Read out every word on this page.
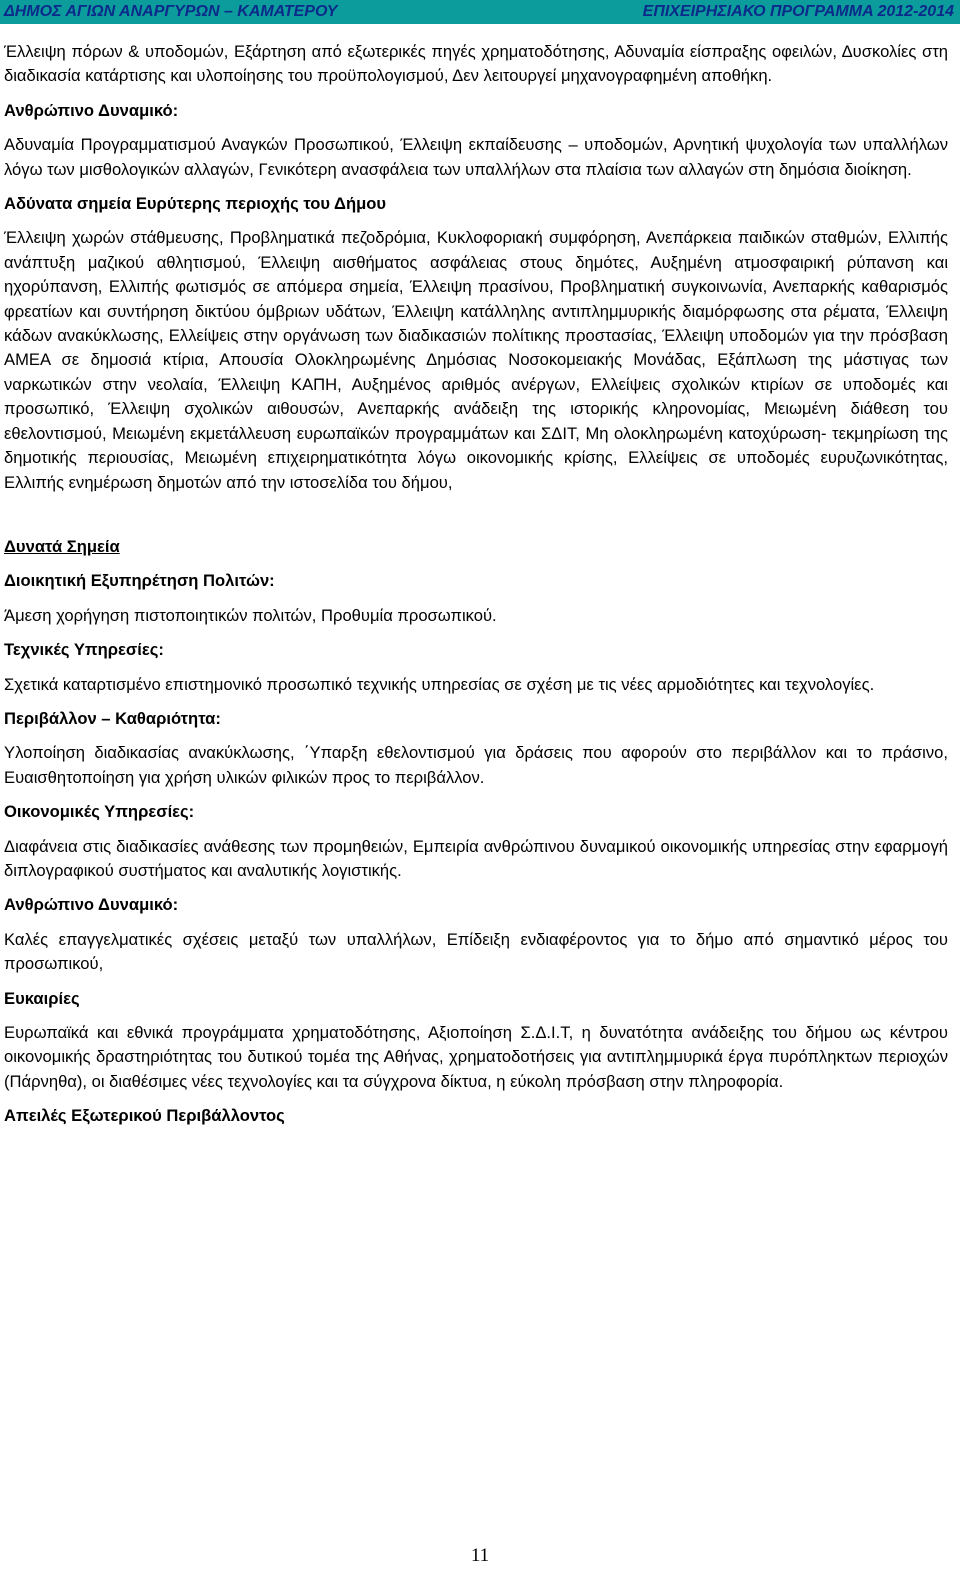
ΔΗΜΟΣ ΑΓΙΩΝ ΑΝΑΡΓΥΡΩΝ – ΚΑΜΑΤΕΡΟΥ	ΕΠΙΧΕΙΡΗΣΙΑΚΟ ΠΡΟΓΡΑΜΜΑ 2012-2014

Έλλειψη πόρων & υποδομών, Εξάρτηση από εξωτερικές πηγές χρηματοδότησης, Αδυναμία είσπραξης οφειλών, Δυσκολίες στη διαδικασία κατάρτισης και υλοποίησης του προϋπολογισμού, Δεν λειτουργεί μηχανογραφημένη αποθήκη.

Ανθρώπινο Δυναμικό:

Αδυναμία Προγραμματισμού Αναγκών Προσωπικού, Έλλειψη εκπαίδευσης – υποδομών, Αρνητική ψυχολογία των υπαλλήλων λόγω των μισθολογικών αλλαγών, Γενικότερη ανασφάλεια των υπαλλήλων στα πλαίσια των αλλαγών στη δημόσια διοίκηση.

Αδύνατα σημεία Ευρύτερης περιοχής του Δήμου

Έλλειψη χωρών στάθμευσης, Προβληματικά πεζοδρόμια, Κυκλοφοριακή συμφόρηση, Ανεπάρκεια παιδικών σταθμών, Ελλιπής ανάπτυξη μαζικού αθλητισμού, Έλλειψη αισθήματος ασφάλειας στους δημότες, Αυξημένη ατμοσφαιρική ρύπανση και ηχορύπανση, Ελλιπής φωτισμός σε απόμερα σημεία, Έλλειψη πρασίνου, Προβληματική συγκοινωνία, Ανεπαρκής καθαρισμός φρεατίων και συντήρηση δικτύου όμβριων υδάτων, Έλλειψη κατάλληλης αντιπλημμυρικής διαμόρφωσης στα ρέματα, Έλλειψη κάδων ανακύκλωσης, Ελλείψεις στην οργάνωση των διαδικασιών πολίτικης προστασίας, Έλλειψη υποδομών για την πρόσβαση ΑΜΕΑ σε δημοσιά κτίρια, Απουσία Ολοκληρωμένης Δημόσιας Νοσοκομειακής Μονάδας, Εξάπλωση της μάστιγας των ναρκωτικών στην νεολαία, Έλλειψη ΚΑΠΗ, Αυξημένος αριθμός ανέργων, Ελλείψεις σχολικών κτιρίων σε υποδομές και προσωπικό, Έλλειψη σχολικών αιθουσών, Ανεπαρκής ανάδειξη της ιστορικής κληρονομίας, Μειωμένη διάθεση του εθελοντισμού, Μειωμένη εκμετάλλευση ευρωπαϊκών προγραμμάτων και ΣΔΙΤ, Μη ολοκληρωμένη κατοχύρωση- τεκμηρίωση της δημοτικής περιουσίας, Μειωμένη επιχειρηματικότητα λόγω οικονομικής κρίσης, Ελλείψεις σε υποδομές ευρυζωνικότητας, Ελλιπής ενημέρωση δημοτών από την ιστοσελίδα του δήμου,

Δυνατά Σημεία

Διοικητική Εξυπηρέτηση Πολιτών:

Άμεση χορήγηση πιστοποιητικών πολιτών, Προθυμία προσωπικού.

Τεχνικές Υπηρεσίες:

Σχετικά καταρτισμένο επιστημονικό προσωπικό τεχνικής υπηρεσίας σε σχέση με τις νέες αρμοδιότητες και τεχνολογίες.

Περιβάλλον – Καθαριότητα:

Υλοποίηση διαδικασίας ανακύκλωσης, ΄Υπαρξη εθελοντισμού για δράσεις που αφορούν στο περιβάλλον και το πράσινο, Ευαισθητοποίηση για χρήση υλικών φιλικών προς το περιβάλλον.

Οικονομικές Υπηρεσίες:

Διαφάνεια στις διαδικασίες ανάθεσης των προμηθειών, Εμπειρία ανθρώπινου δυναμικού οικονομικής υπηρεσίας στην εφαρμογή διπλογραφικού συστήματος και αναλυτικής λογιστικής.

Ανθρώπινο Δυναμικό:

Καλές επαγγελματικές σχέσεις μεταξύ των υπαλλήλων, Επίδειξη ενδιαφέροντος για το δήμο από σημαντικό μέρος του προσωπικού,

Ευκαιρίες

Ευρωπαϊκά και εθνικά προγράμματα χρηματοδότησης, Αξιοποίηση Σ.Δ.Ι.Τ, η δυνατότητα ανάδειξης του δήμου ως κέντρου οικονομικής δραστηριότητας του δυτικού τομέα της Αθήνας, χρηματοδοτήσεις για αντιπλημμυρικά έργα πυρόπληκτων περιοχών (Πάρνηθα), οι διαθέσιμες νέες τεχνολογίες και τα σύγχρονα δίκτυα, η εύκολη πρόσβαση στην πληροφορία.

Απειλές Εξωτερικού Περιβάλλοντος

11
